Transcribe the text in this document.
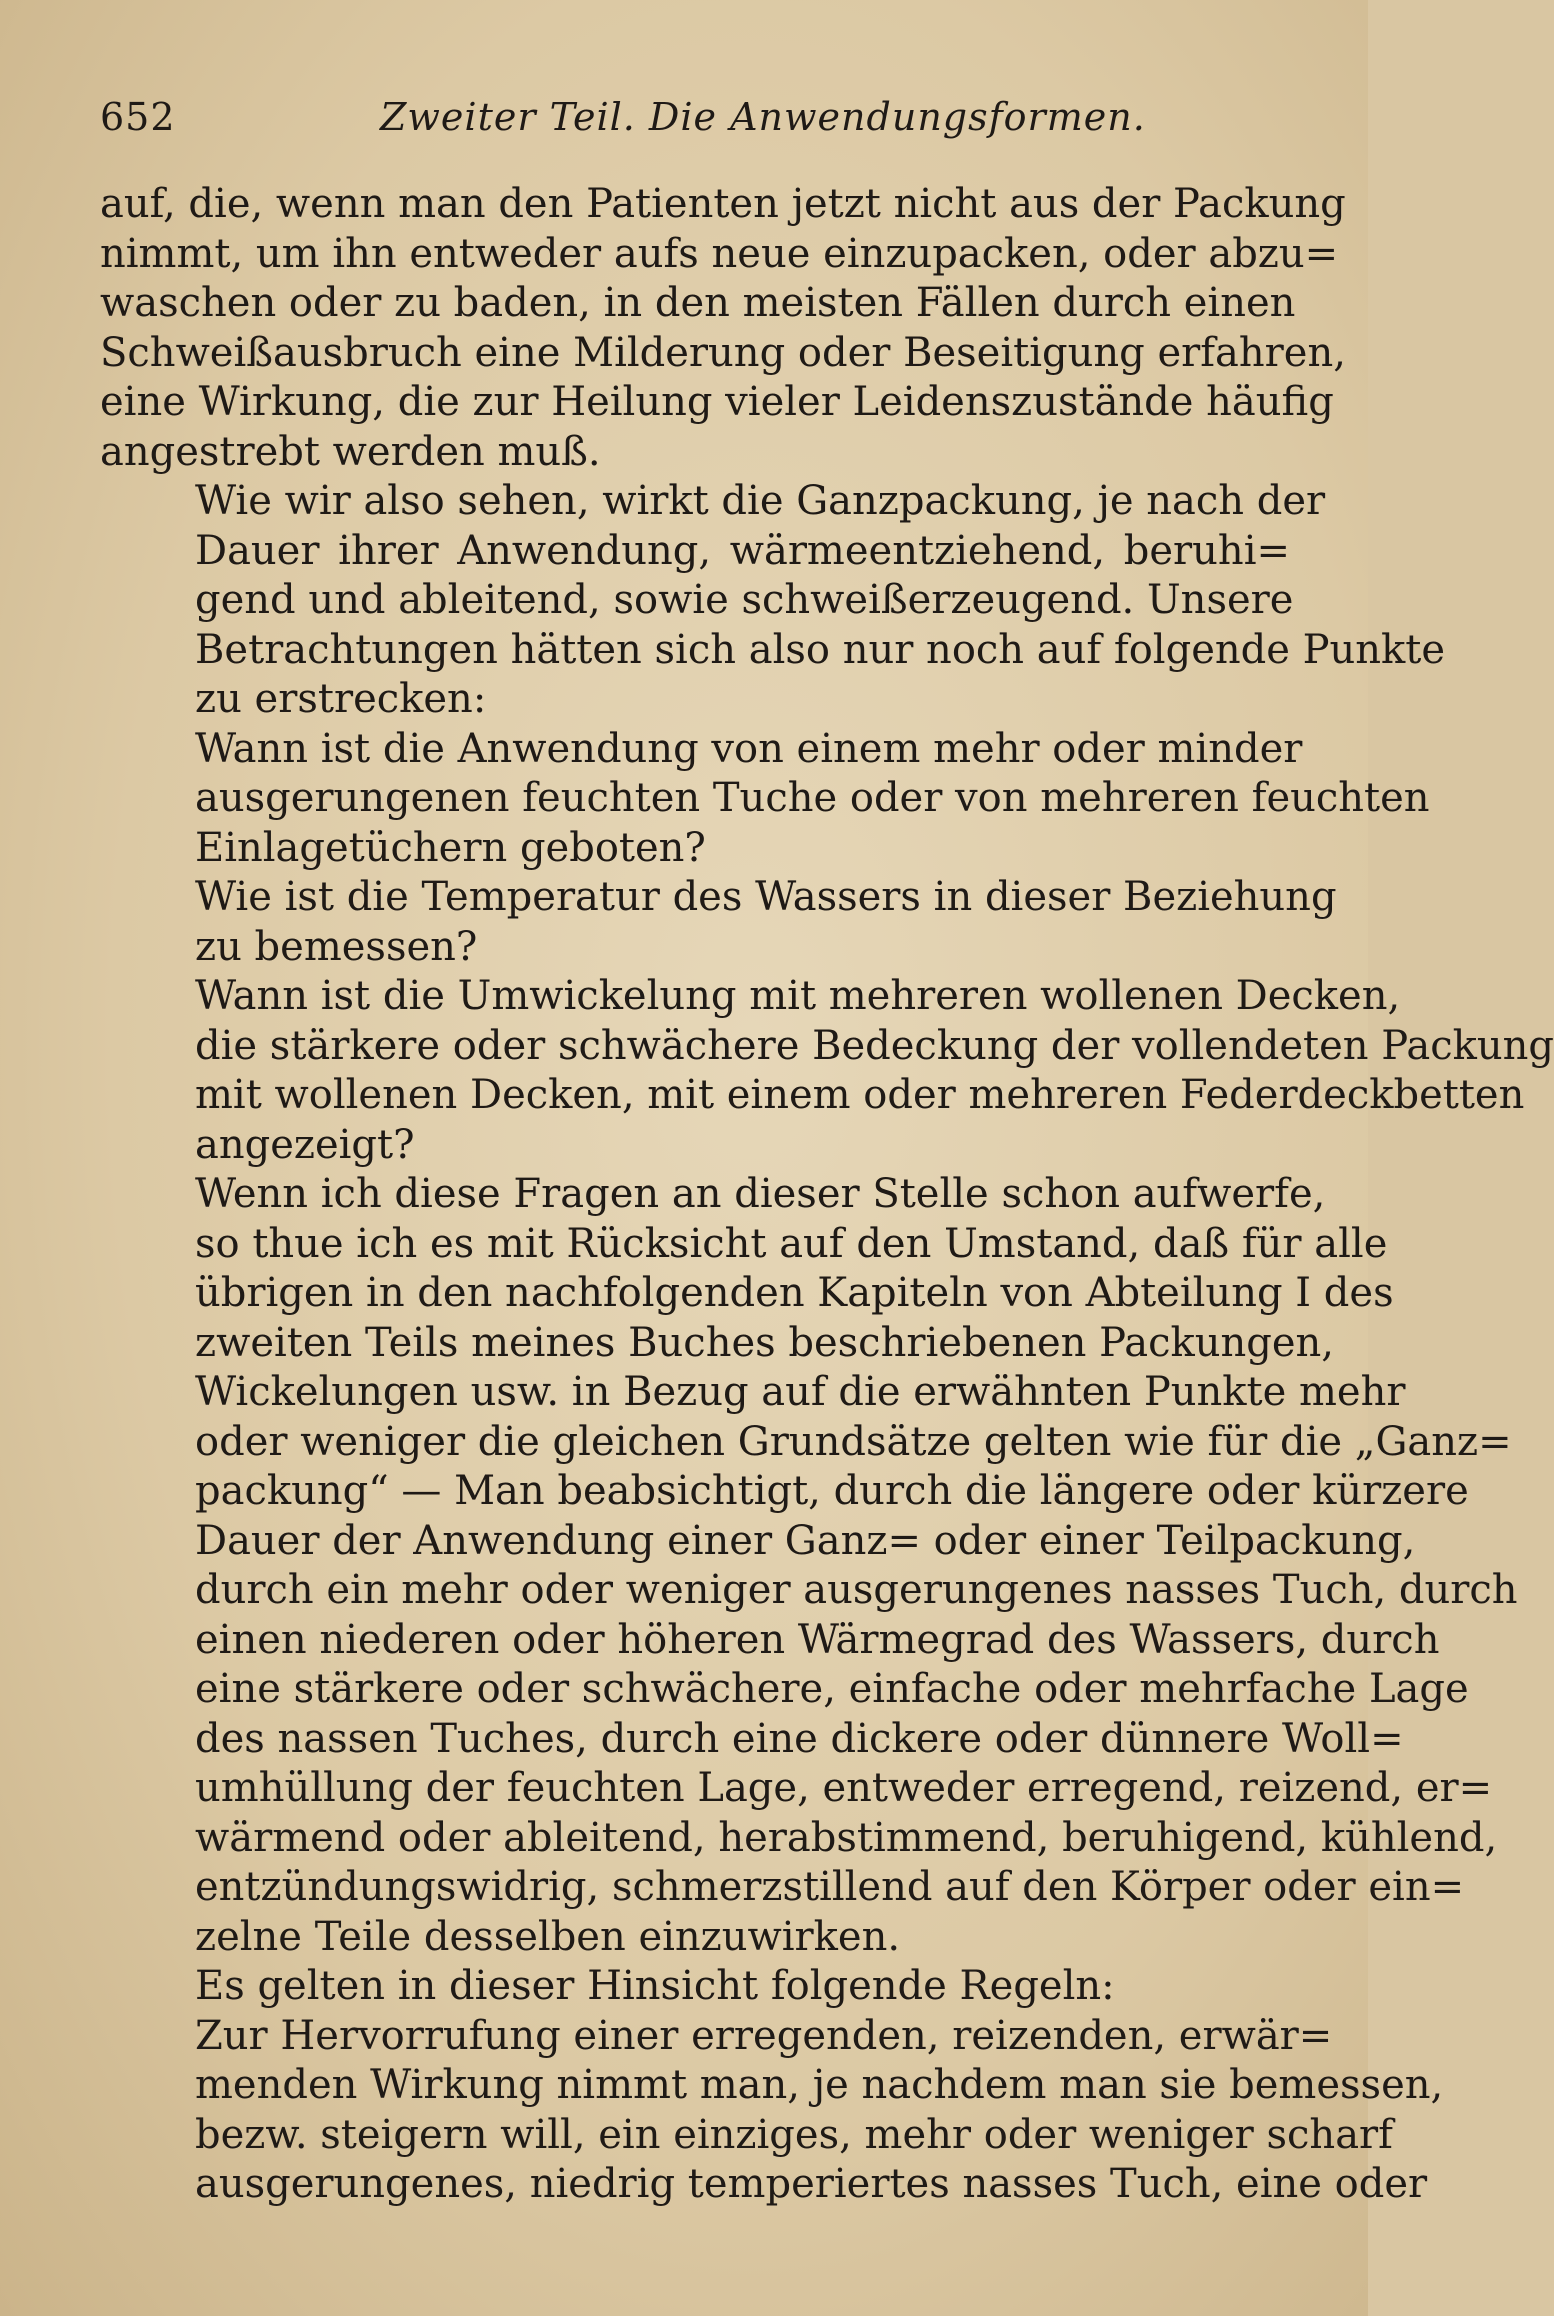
652	Zweiter Teil. Die Anwendungsformen.
auf, die, wenn man den Patienten jetzt nicht aus der Packung
nimmt, um ihn entweder aufs neue einzupacken, oder abzu=
waschen oder zu baden, in den meisten Fällen durch einen
Schweißausbruch eine Milderung oder Beseitigung erfahren,
eine Wirkung, die zur Heilung vieler Leidenszustände häufig
angestrebt werden muß.
Wie wir also sehen, wirkt die Ganzpackung, je nach der
Dauer ihrer Anwendung, wärmeentziehend, beruhi=
gend und ableitend, sowie schweißerzeugend. Unsere
Betrachtungen hätten sich also nur noch auf folgende Punkte
zu erstrecken:
Wann ist die Anwendung von einem mehr oder minder
ausgerungenen feuchten Tuche oder von mehreren feuchten
Einlagetüchern geboten?
Wie ist die Temperatur des Wassers in dieser Beziehung
zu bemessen?
Wann ist die Umwickelung mit mehreren wollenen Decken,
die stärkere oder schwächere Bedeckung der vollendeten Packung
mit wollenen Decken, mit einem oder mehreren Federdeckbetten
angezeigt?
Wenn ich diese Fragen an dieser Stelle schon aufwerfe,
so thue ich es mit Rücksicht auf den Umstand, daß für alle
übrigen in den nachfolgenden Kapiteln von Abteilung I des
zweiten Teils meines Buches beschriebenen Packungen,
Wickelungen usw. in Bezug auf die erwähnten Punkte mehr
oder weniger die gleichen Grundsätze gelten wie für die „Ganz=
packung“ — Man beabsichtigt, durch die längere oder kürzere
Dauer der Anwendung einer Ganz= oder einer Teilpackung,
durch ein mehr oder weniger ausgerungenes nasses Tuch, durch
einen niederen oder höheren Wärmegrad des Wassers, durch
eine stärkere oder schwächere, einfache oder mehrfache Lage
des nassen Tuches, durch eine dickere oder dünnere Woll=
umhüllung der feuchten Lage, entweder erregend, reizend, er=
wärmend oder ableitend, herabstimmend, beruhigend, kühlend,
entzündungswidrig, schmerzstillend auf den Körper oder ein=
zelne Teile desselben einzuwirken.
Es gelten in dieser Hinsicht folgende Regeln:
Zur Hervorrufung einer erregenden, reizenden, erwär=
menden Wirkung nimmt man, je nachdem man sie bemessen,
bezw. steigern will, ein einziges, mehr oder weniger scharf
ausgerungenes, niedrig temperiertes nasses Tuch, eine oder
